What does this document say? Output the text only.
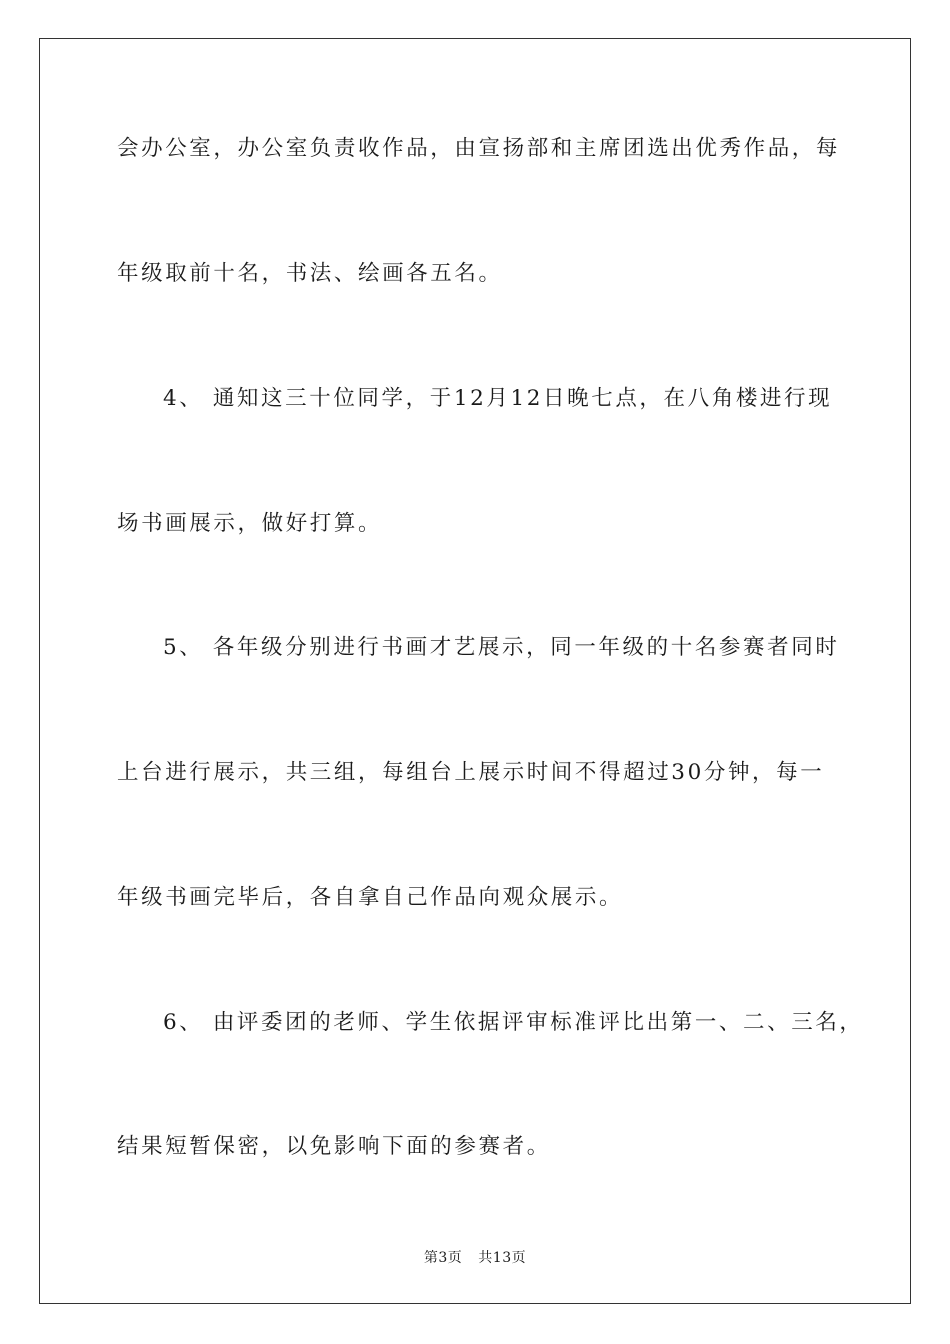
会办公室，办公室负责收作品，由宣扬部和主席团选出优秀作品，每
年级取前十名，书法、绘画各五名。
4、 通知这三十位同学，于12月12日晚七点，在八角楼进行现
场书画展示，做好打算。
5、 各年级分别进行书画才艺展示，同一年级的十名参赛者同时
上台进行展示，共三组，每组台上展示时间不得超过30分钟，每一
年级书画完毕后，各自拿自己作品向观众展示。
6、 由评委团的老师、学生依据评审标准评比出第一、二、三名，
结果短暂保密，以免影响下面的参赛者。
第3页 共13页
